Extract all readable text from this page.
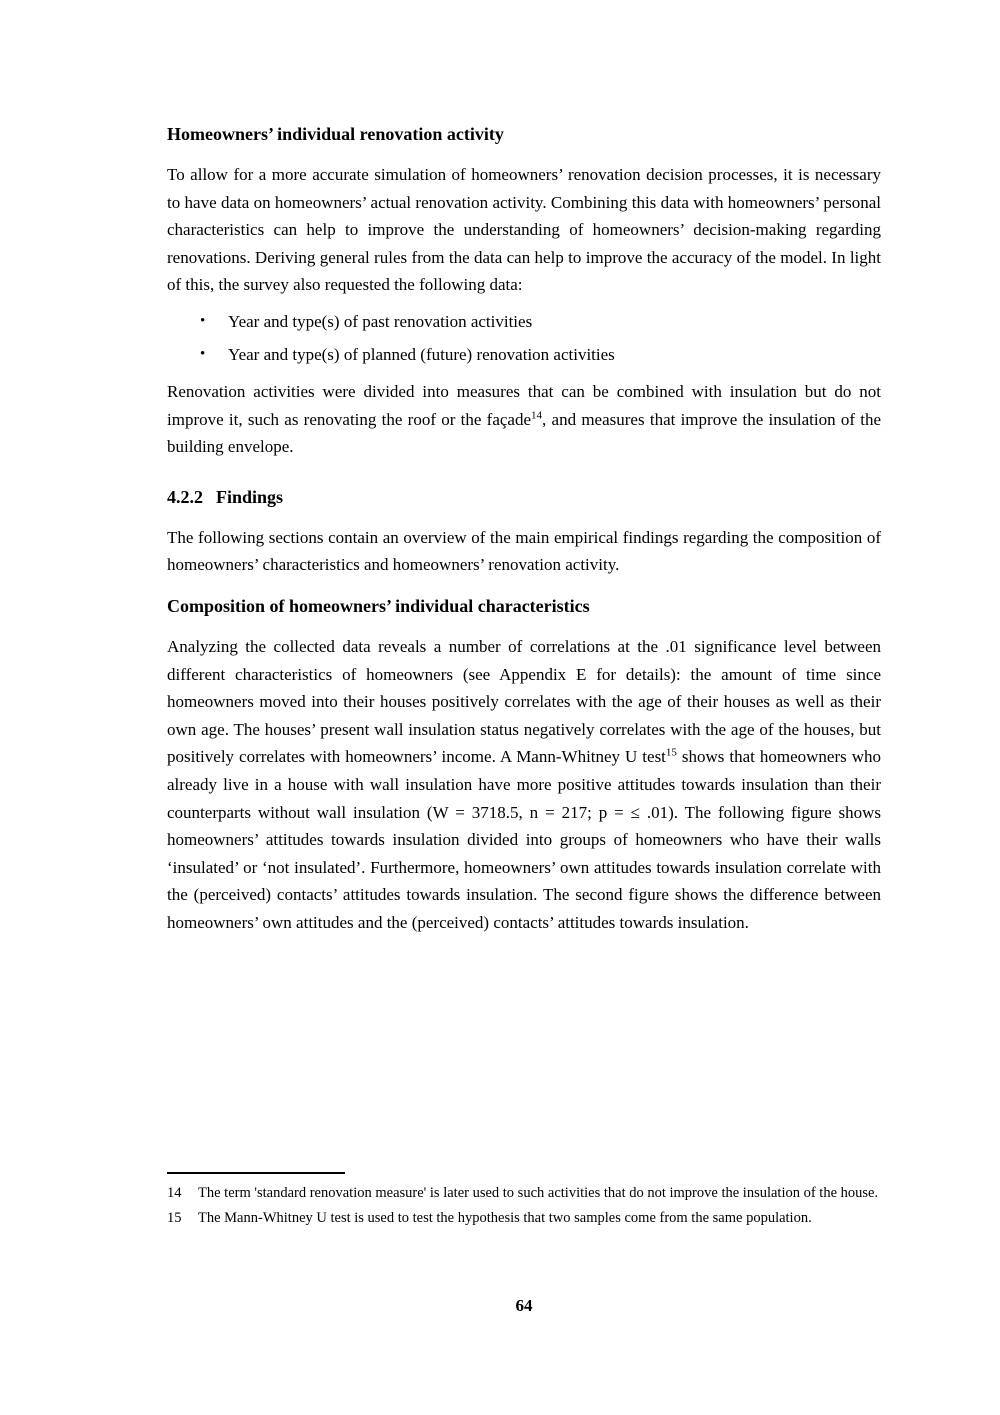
Homeowners’ individual renovation activity

To allow for a more accurate simulation of homeowners’ renovation decision processes, it is necessary to have data on homeowners’ actual renovation activity. Combining this data with homeowners’ personal characteristics can help to improve the understanding of homeowners’ decision-making regarding renovations. Deriving general rules from the data can help to improve the accuracy of the model. In light of this, the survey also requested the following data:

•	Year and type(s) of past renovation activities
•	Year and type(s) of planned (future) renovation activities

Renovation activities were divided into measures that can be combined with insulation but do not improve it, such as renovating the roof or the façade$^{14}$, and measures that improve the insulation of the building envelope.

4.2.2 Findings

The following sections contain an overview of the main empirical findings regarding the composition of homeowners’ characteristics and homeowners’ renovation activity.

Composition of homeowners’ individual characteristics

Analyzing the collected data reveals a number of correlations at the .01 significance level between different characteristics of homeowners (see Appendix E for details): the amount of time since homeowners moved into their houses positively correlates with the age of their houses as well as their own age. The houses’ present wall insulation status negatively correlates with the age of the houses, but positively correlates with homeowners’ income. A Mann-Whitney U test$^{15}$ shows that homeowners who already live in a house with wall insulation have more positive attitudes towards insulation than their counterparts without wall insulation (W = 3718.5, n = 217; p = ≤ .01). The following figure shows homeowners’ attitudes towards insulation divided into groups of homeowners who have their walls ‘insulated’ or ‘not insulated’. Furthermore, homeowners’ own attitudes towards insulation correlate with the (perceived) contacts’ attitudes towards insulation. The second figure shows the difference between homeowners’ own attitudes and the (perceived) contacts’ attitudes towards insulation.

14	The term 'standard renovation measure' is later used to such activities that do not improve the insulation of the house.
15	The Mann-Whitney U test is used to test the hypothesis that two samples come from the same population.
64
